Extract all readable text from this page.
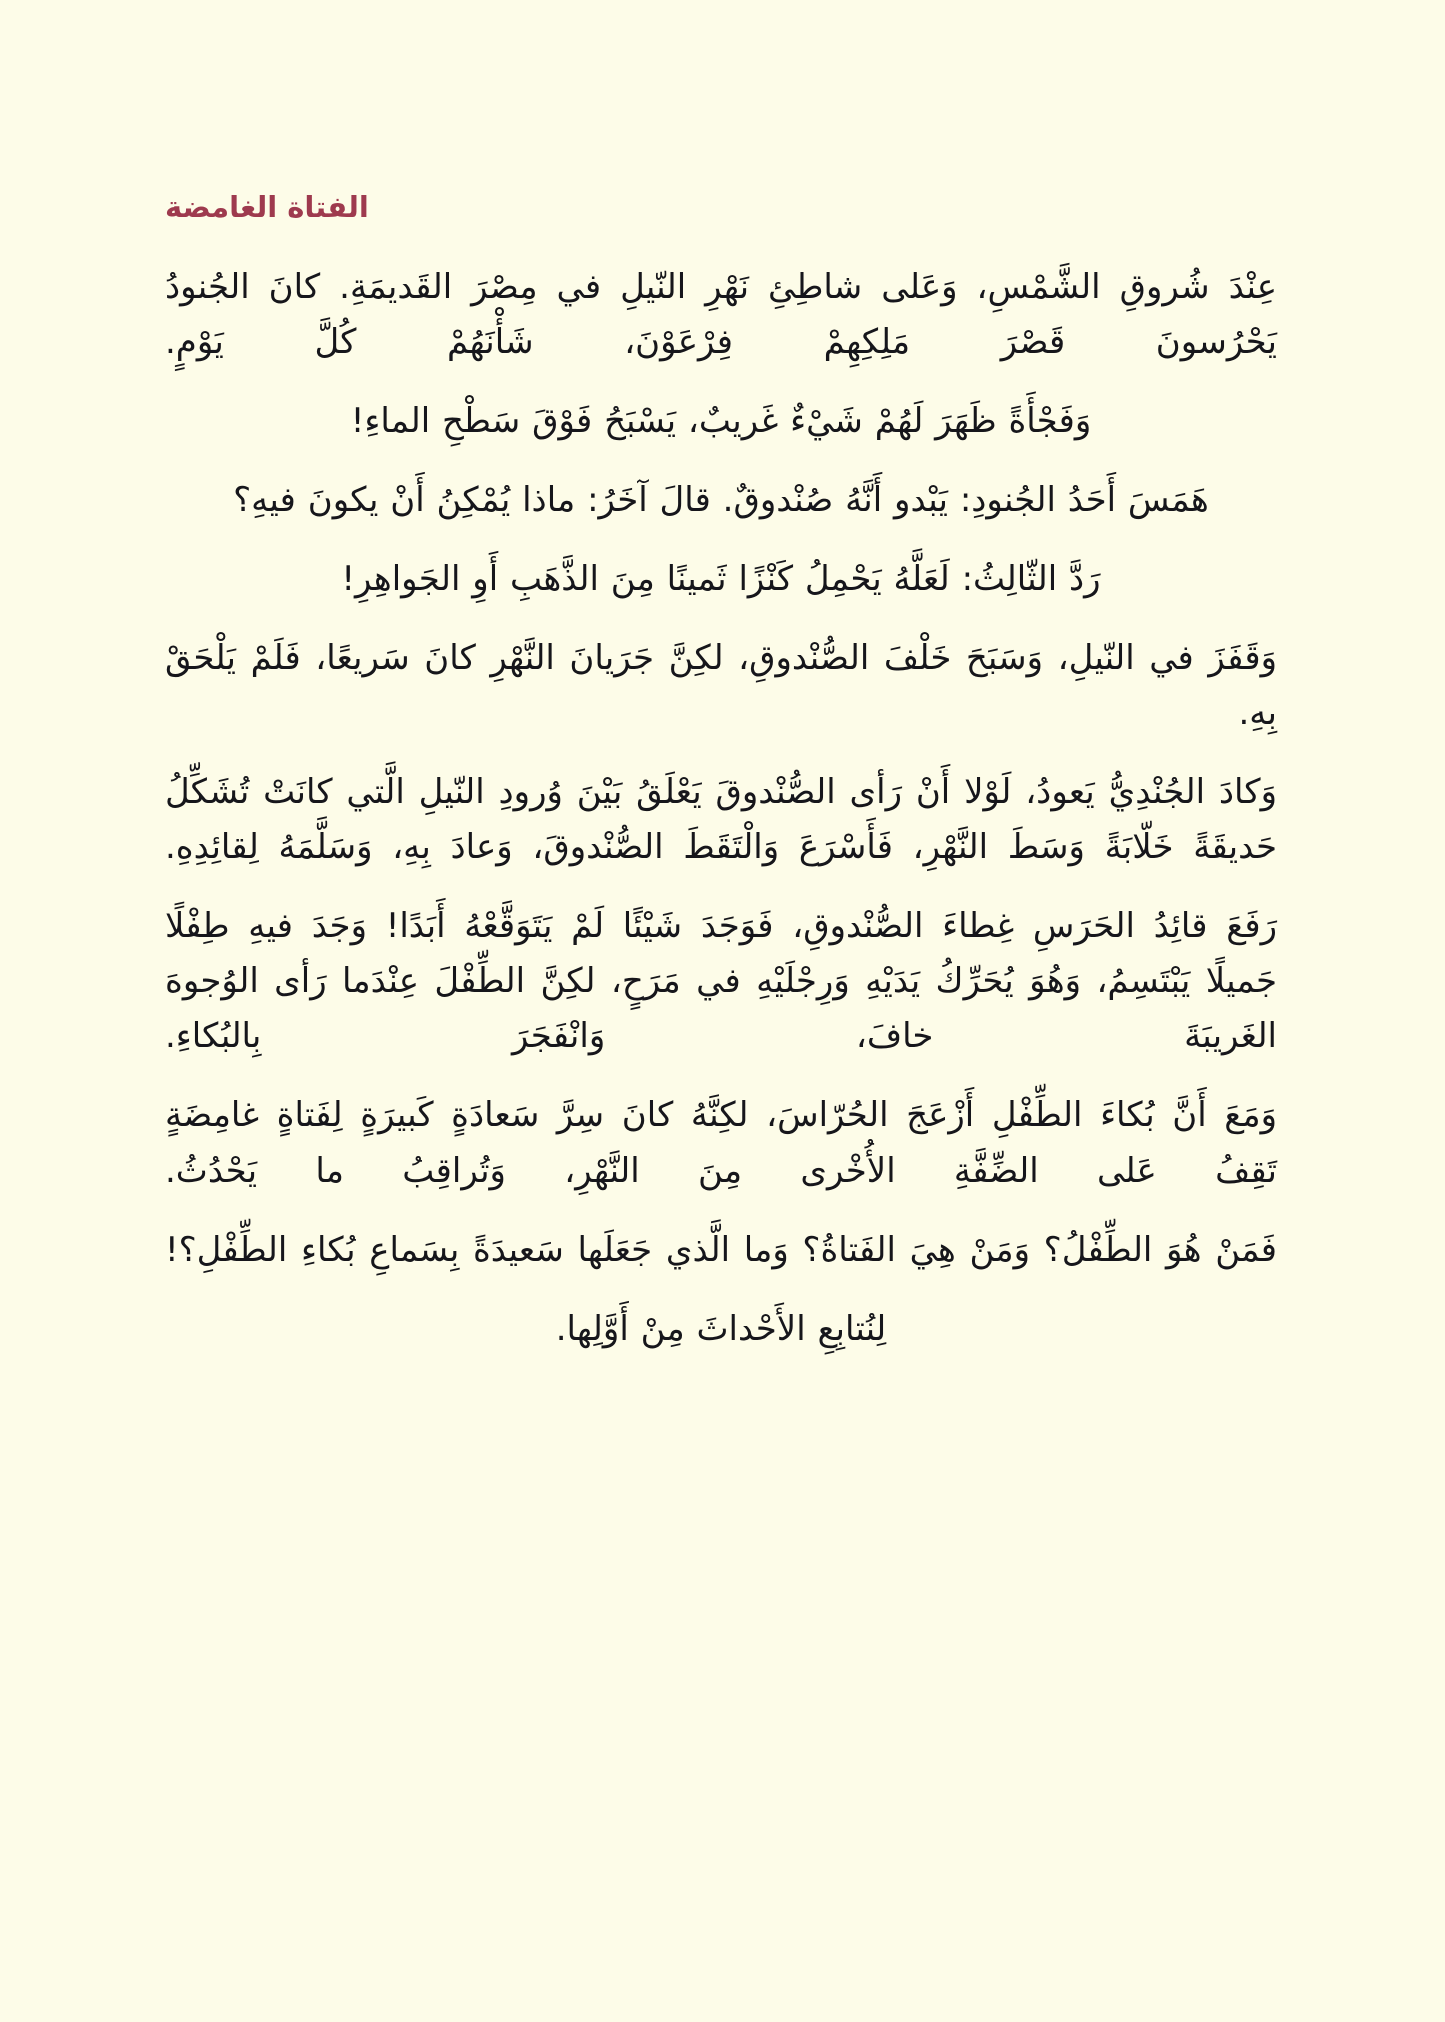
الفتاة الغامضة

عِنْدَ شُروقِ الشَّمْسِ، وَعَلى شاطِئِ نَهْرِ النّيلِ في مِصْرَ القَديمَةِ. كانَ الجُنودُ يَحْرُسونَ قَصْرَ مَلِكِهِمْ فِرْعَوْنَ، شَأْنَهُمْ كُلَّ يَوْمٍ.

وَفَجْأَةً ظَهَرَ لَهُمْ شَيْءٌ غَريبٌ، يَسْبَحُ فَوْقَ سَطْحِ الماءِ!

هَمَسَ أَحَدُ الجُنودِ: يَبْدو أَنَّهُ صُنْدوقٌ. قالَ آخَرُ: ماذا يُمْكِنُ أَنْ يكونَ فيهِ؟

رَدَّ الثّالِثُ: لَعَلَّهُ يَحْمِلُ كَنْزًا ثَمينًا مِنَ الذَّهَبِ أَوِ الجَواهِرِ!

وَقَفَزَ في النّيلِ، وَسَبَحَ خَلْفَ الصُّنْدوقِ، لكِنَّ جَرَيانَ النَّهْرِ كانَ سَريعًا، فَلَمْ يَلْحَقْ بِهِ.

وَكادَ الجُنْدِيُّ يَعودُ، لَوْلا أَنْ رَأى الصُّنْدوقَ يَعْلَقُ بَيْنَ وُرودِ النّيلِ الَّتي كانَتْ تُشَكِّلُ حَديقَةً خَلّابَةً وَسَطَ النَّهْرِ، فَأَسْرَعَ وَالْتَقَطَ الصُّنْدوقَ، وَعادَ بِهِ، وَسَلَّمَهُ لِقائِدِهِ.

رَفَعَ قائِدُ الحَرَسِ غِطاءَ الصُّنْدوقِ، فَوَجَدَ شَيْئًا لَمْ يَتَوَقَّعْهُ أَبَدًا! وَجَدَ فيهِ طِفْلًا جَميلًا يَبْتَسِمُ، وَهُوَ يُحَرِّكُ يَدَيْهِ وَرِجْلَيْهِ في مَرَحٍ، لكِنَّ الطِّفْلَ عِنْدَما رَأى الوُجوهَ الغَريبَةَ خافَ، وَانْفَجَرَ بِالبُكاءِ.

وَمَعَ أَنَّ بُكاءَ الطِّفْلِ أَزْعَجَ الحُرّاسَ، لكِنَّهُ كانَ سِرَّ سَعادَةٍ كَبيرَةٍ لِفَتاةٍ غامِضَةٍ تَقِفُ عَلى الضِّفَّةِ الأُخْرى مِنَ النَّهْرِ، وَتُراقِبُ ما يَحْدُثُ.

فَمَنْ هُوَ الطِّفْلُ؟ وَمَنْ هِيَ الفَتاةُ؟ وَما الَّذي جَعَلَها سَعيدَةً بِسَماعِ بُكاءِ الطِّفْلِ؟!

لِنُتابِعِ الأَحْداثَ مِنْ أَوَّلِها.
